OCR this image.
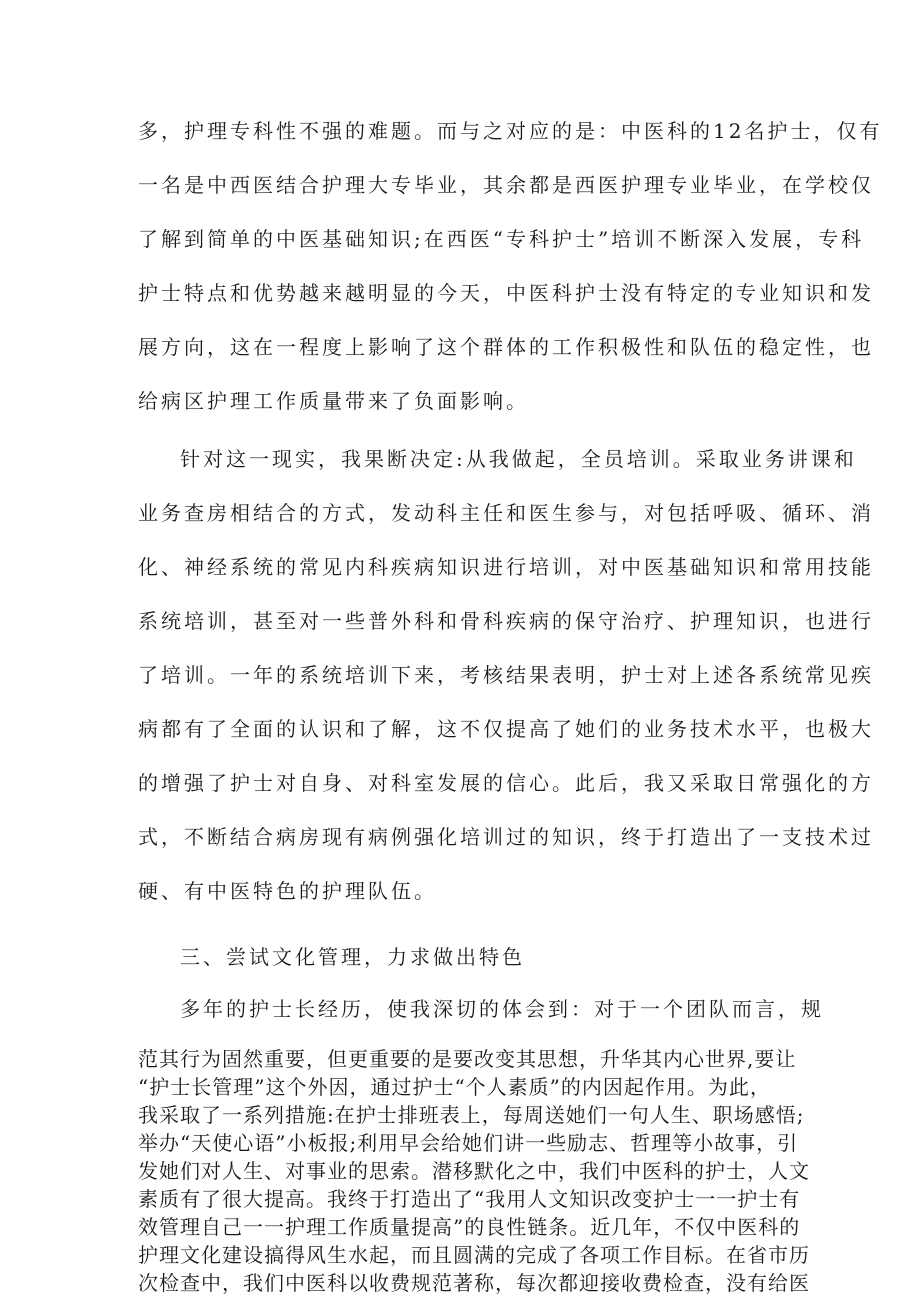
多，护理专科性不强的难题。而与之对应的是：中医科的12名护士，仅有
一名是中西医结合护理大专毕业，其余都是西医护理专业毕业，在学校仅
了解到简单的中医基础知识;在西医“专科护士”培训不断深入发展，专科
护士特点和优势越来越明显的今天，中医科护士没有特定的专业知识和发
展方向，这在一程度上影响了这个群体的工作积极性和队伍的稳定性，也
给病区护理工作质量带来了负面影响。
针对这一现实，我果断决定:从我做起，全员培训。采取业务讲课和
业务查房相结合的方式，发动科主任和医生参与，对包括呼吸、循环、消
化、神经系统的常见内科疾病知识进行培训，对中医基础知识和常用技能
系统培训，甚至对一些普外科和骨科疾病的保守治疗、护理知识，也进行
了培训。一年的系统培训下来，考核结果表明，护士对上述各系统常见疾
病都有了全面的认识和了解，这不仅提高了她们的业务技术水平，也极大
的增强了护士对自身、对科室发展的信心。此后，我又采取日常强化的方
式，不断结合病房现有病例强化培训过的知识，终于打造出了一支技术过
硬、有中医特色的护理队伍。
三、尝试文化管理，力求做出特色
多年的护士长经历，使我深切的体会到：对于一个团队而言，规
范其行为固然重要，但更重要的是要改变其思想，升华其内心世界,要让
“护士长管理”这个外因，通过护士“个人素质”的内因起作用。为此，
我采取了一系列措施:在护士排班表上，每周送她们一句人生、职场感悟;
举办“天使心语”小板报;利用早会给她们讲一些励志、哲理等小故事，引
发她们对人生、对事业的思索。潜移默化之中，我们中医科的护士，人文
素质有了很大提高。我终于打造出了“我用人文知识改变护士一一护士有
效管理自己一一护理工作质量提高”的良性链条。近几年，不仅中医科的
护理文化建设搞得风生水起，而且圆满的完成了各项工作目标。在省市历
次检查中，我们中医科以收费规范著称，每次都迎接收费检查，没有给医
